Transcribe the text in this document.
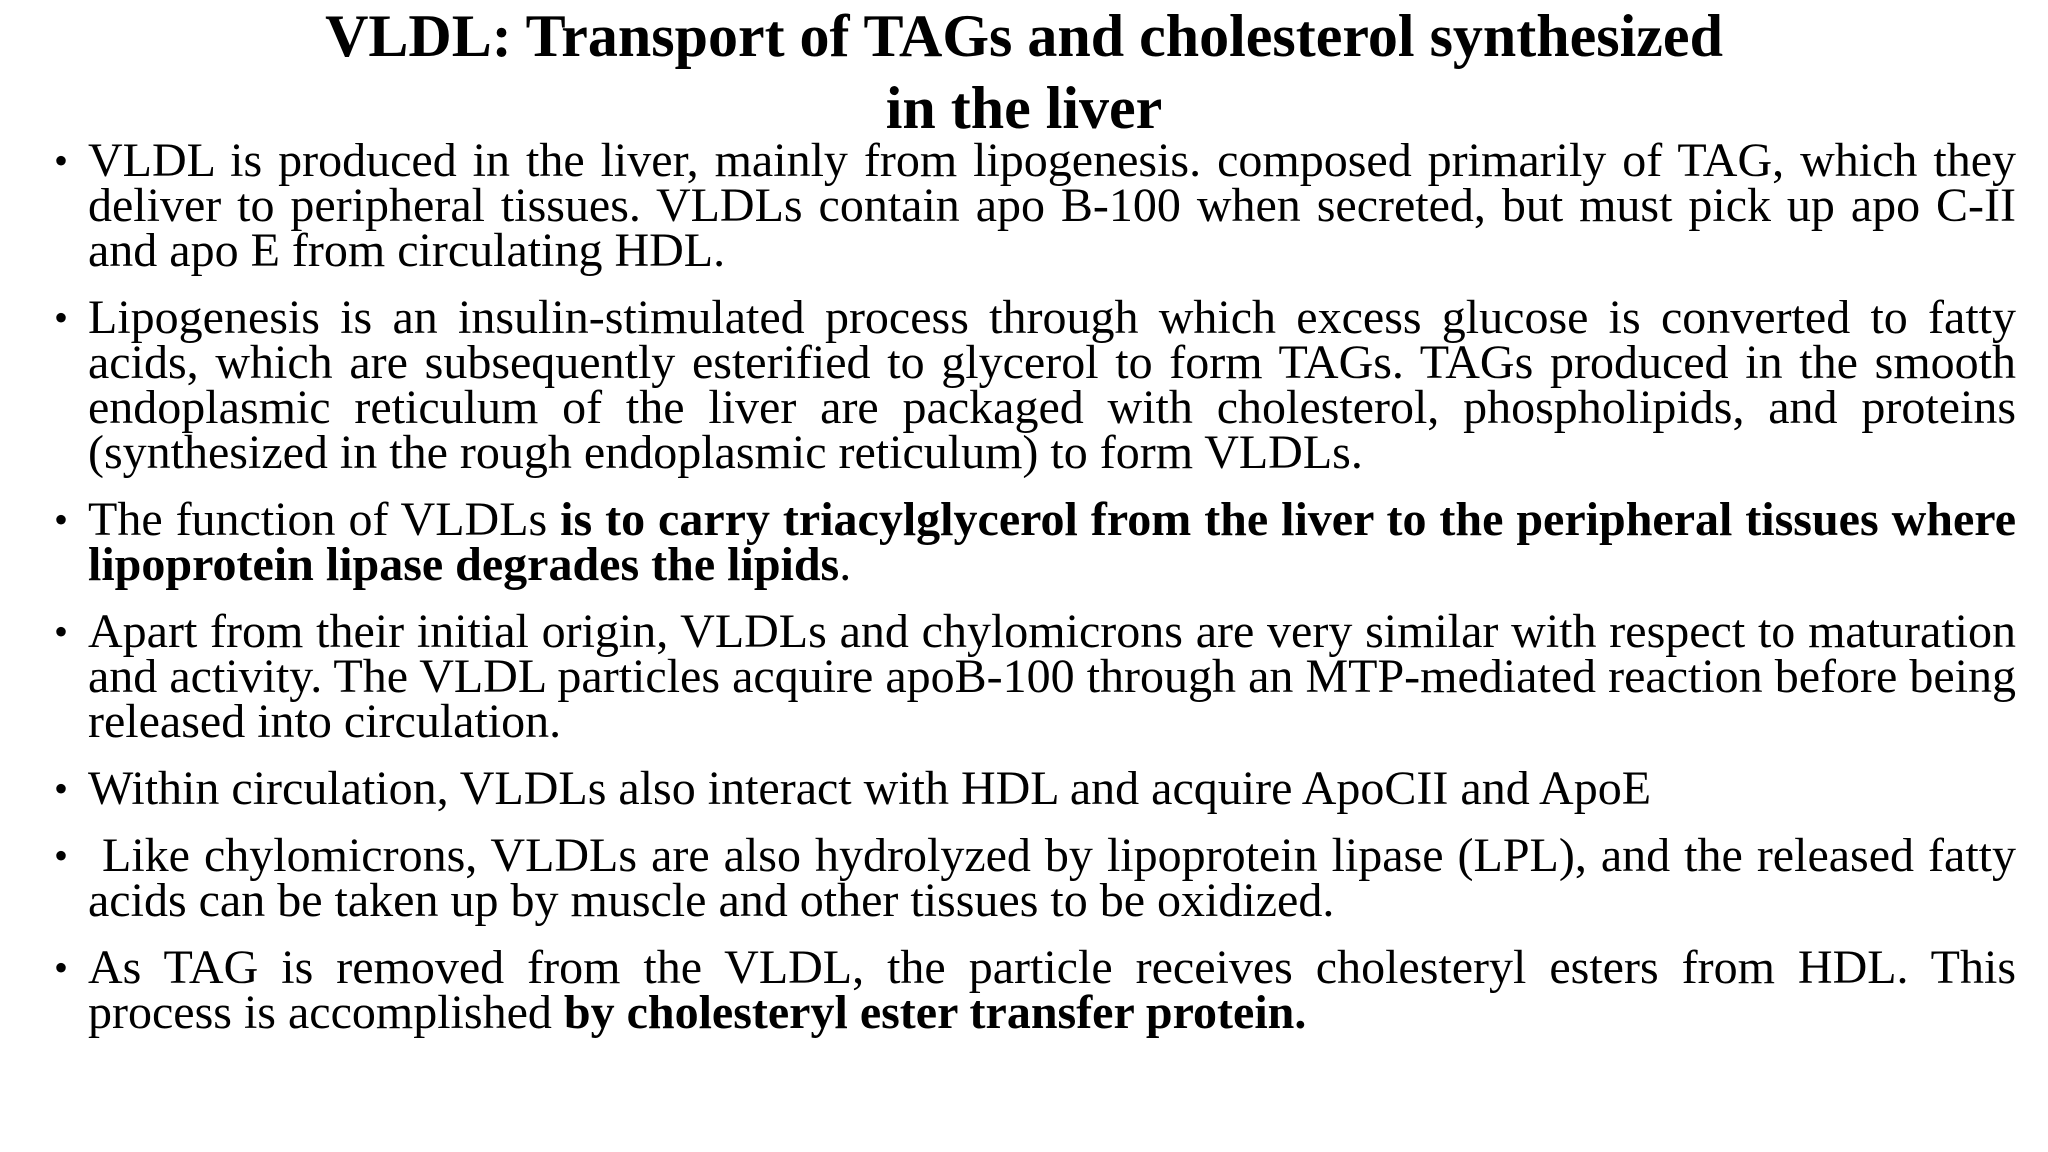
VLDL: Transport of TAGs and cholesterol synthesized
in the liver
• VLDL is produced in the liver, mainly from lipogenesis. composed primarily of TAG, which they deliver to peripheral tissues. VLDLs contain apo B-100 when secreted, but must pick up apo C-II and apo E from circulating HDL.
• Lipogenesis is an insulin-stimulated process through which excess glucose is converted to fatty acids, which are subsequently esterified to glycerol to form TAGs. TAGs produced in the smooth endoplasmic reticulum of the liver are packaged with cholesterol, phospholipids, and proteins (synthesized in the rough endoplasmic reticulum) to form VLDLs.
• The function of VLDLs is to carry triacylglycerol from the liver to the peripheral tissues where lipoprotein lipase degrades the lipids.
• Apart from their initial origin, VLDLs and chylomicrons are very similar with respect to maturation and activity. The VLDL particles acquire apoB-100 through an MTP-mediated reaction before being released into circulation.
• Within circulation, VLDLs also interact with HDL and acquire ApoCII and ApoE
• Like chylomicrons, VLDLs are also hydrolyzed by lipoprotein lipase (LPL), and the released fatty acids can be taken up by muscle and other tissues to be oxidized.
• As TAG is removed from the VLDL, the particle receives cholesteryl esters from HDL. This process is accomplished by cholesteryl ester transfer protein.
